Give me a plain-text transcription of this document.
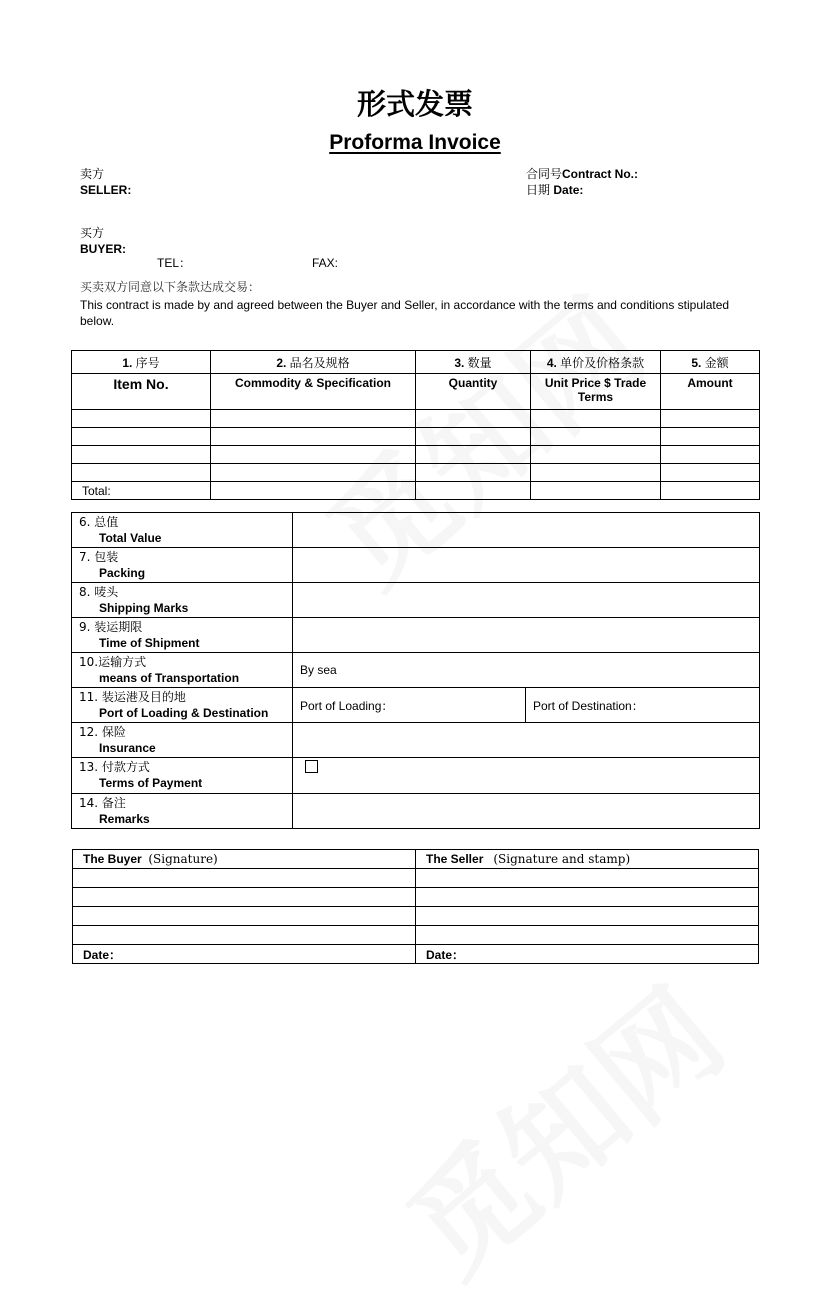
形式发票
Proforma Invoice
卖方
SELLER:
合同号Contract No.:
日期 Date:
买方
BUYER:
TEL：	FAX:
买卖双方同意以下条款达成交易：
This contract is made by and agreed between the Buyer and Seller, in accordance with the terms and conditions stipulated
below.
1. 序号	2. 品名及规格	3. 数量	4. 单价及价格条款	5. 金额
Item No.	Commodity & Specification	Quantity	Unit Price $ Trade Terms	Amount

Total:				
6. 总值
Total Value		

7. 包装
Packing		

8. 唛头
Shipping Marks		

9. 装运期限
Time of Shipment		

10.运输方式
means of Transportation	By sea	
11. 装运港及目的地
Port of Loading & Destination	Port of Loading：	Port of Destination：
12. 保险
Insurance		

13. 付款方式
Terms of Payment		

14. 备注
Remarks		

The Buyer (Signature)	The Seller (Signature and stamp)

Date：	Date：
